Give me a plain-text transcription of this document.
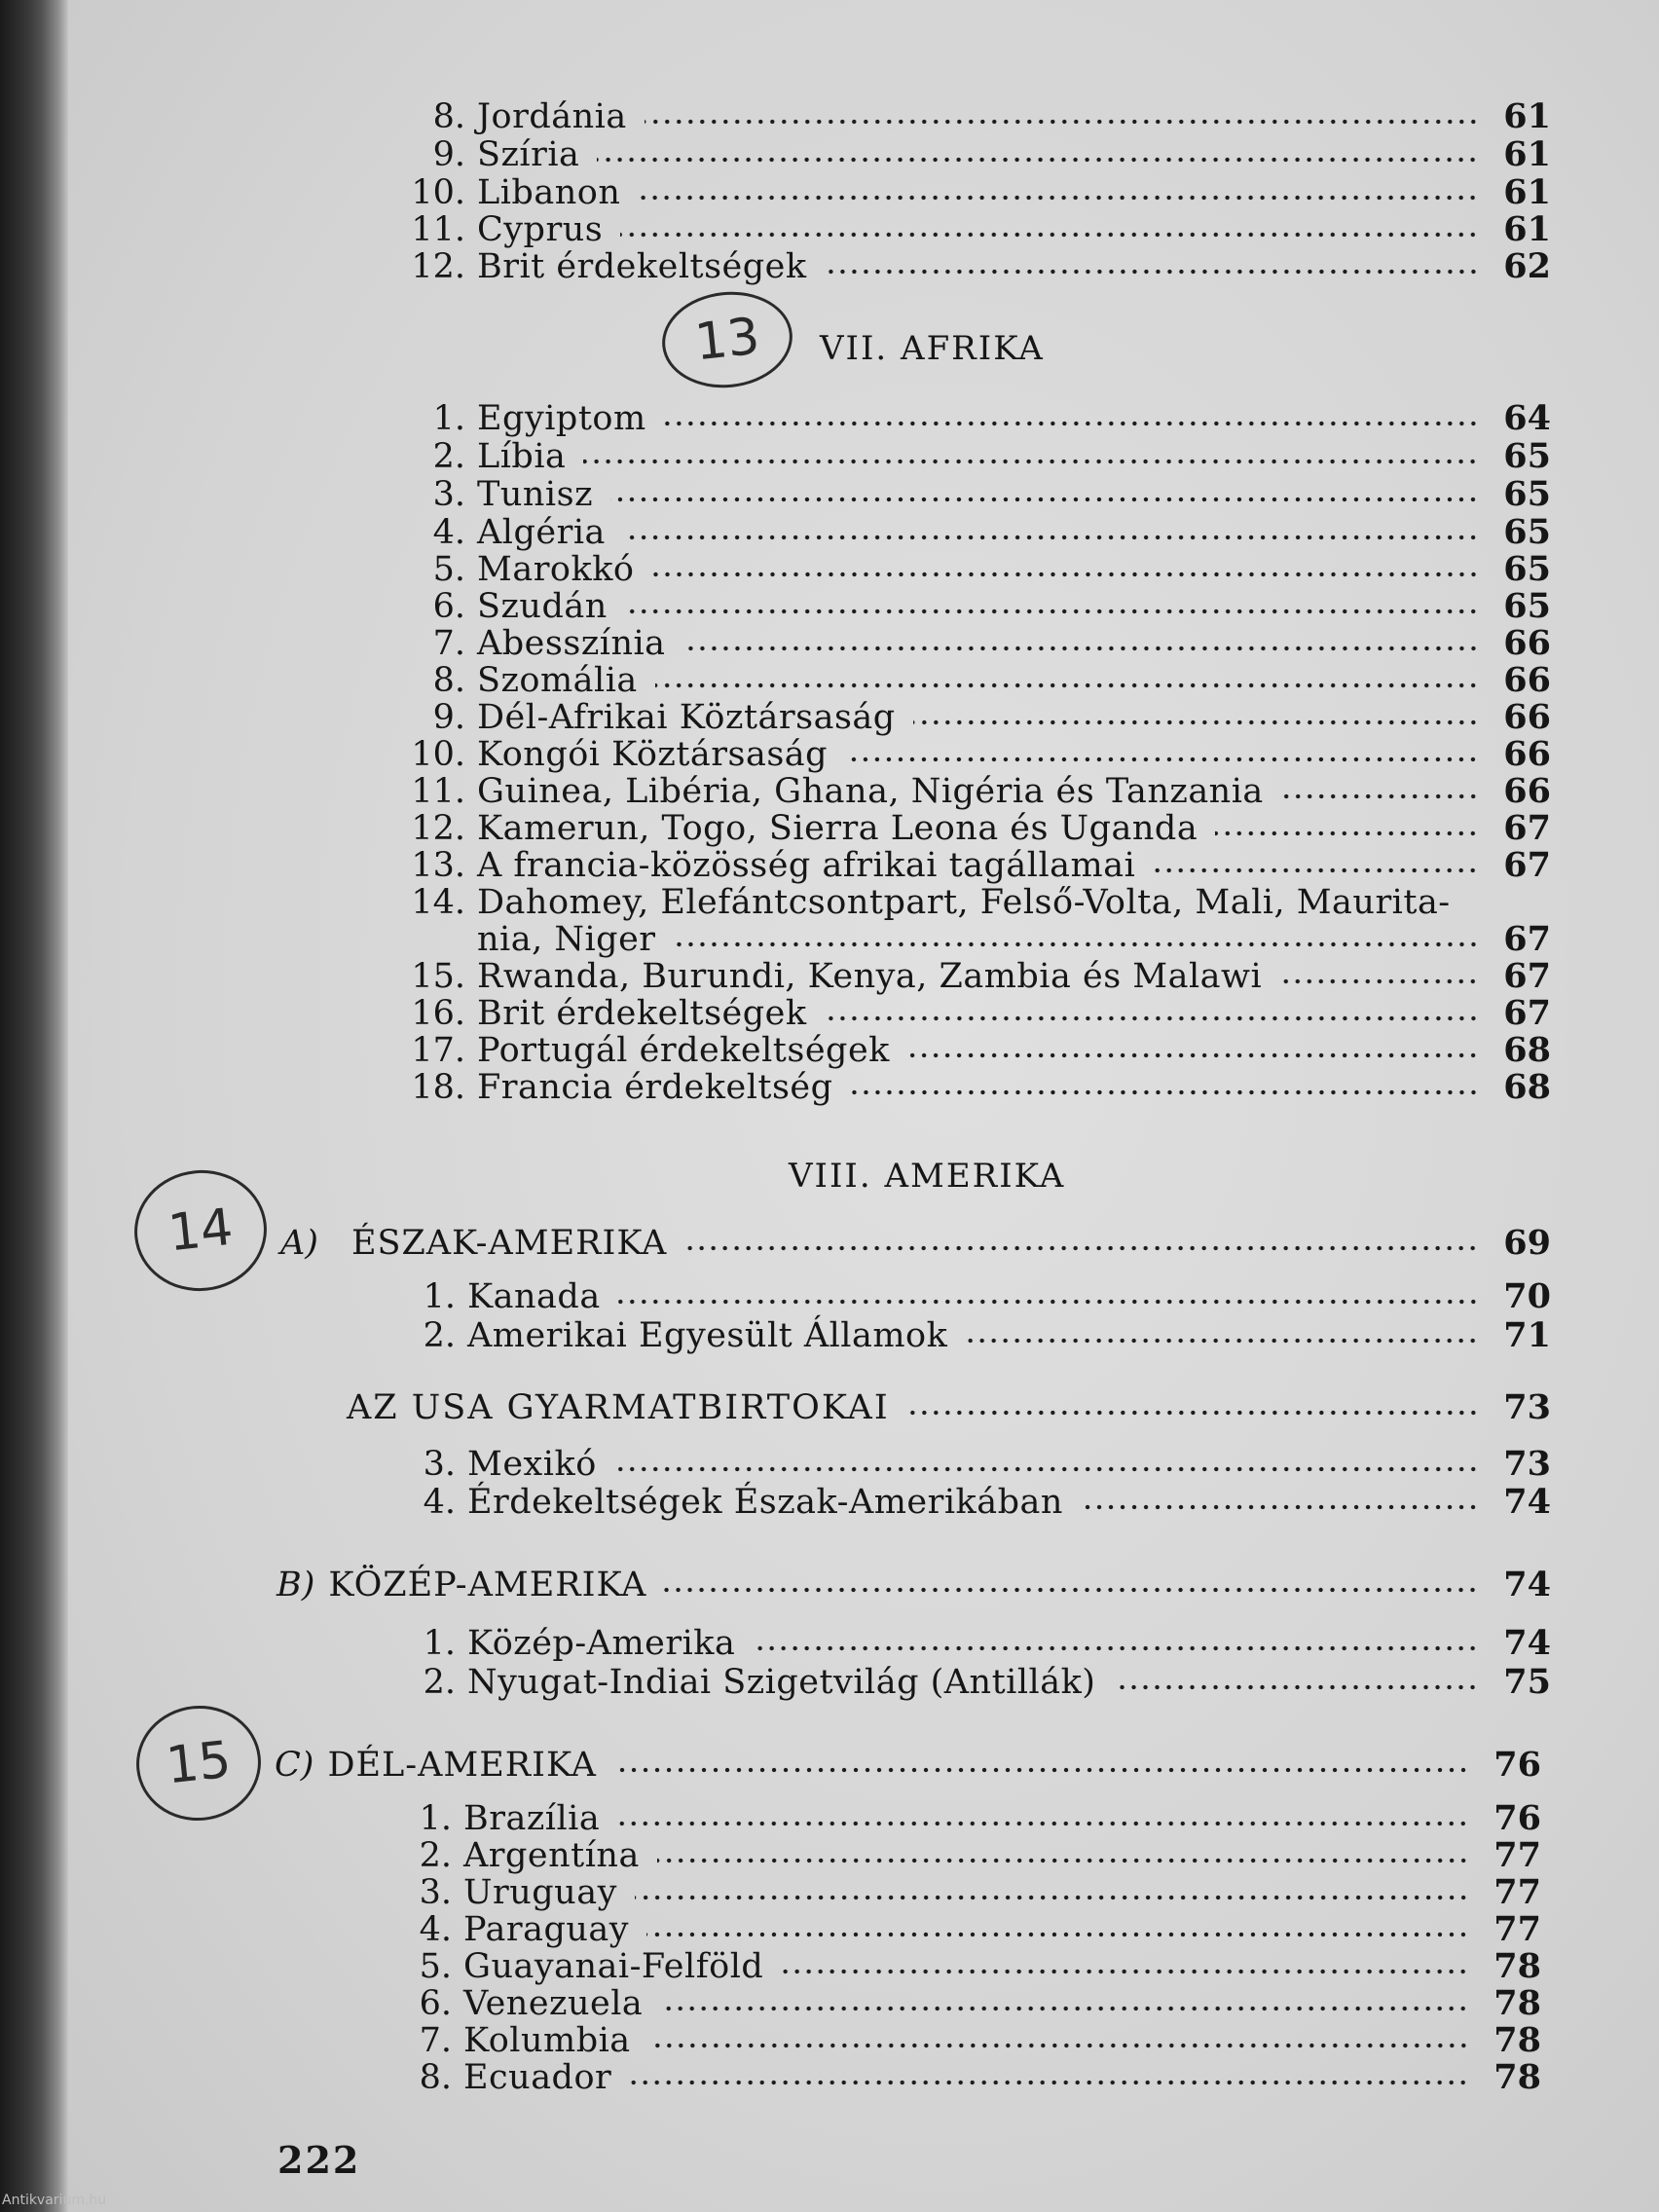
8. Jordánia	61
9. Szíria	61
10. Libanon	61
11. Cyprus	61
12. Brit érdekeltségek	62
13 VII. AFRIKA
1. Egyiptom	64
2. Líbia	65
3. Tunisz	65
4. Algéria	65
5. Marokkó	65
6. Szudán	65
7. Abesszínia	66
8. Szomália	66
9. Dél-Afrikai Köztársaság	66
10. Kongói Köztársaság	66
11. Guinea, Libéria, Ghana, Nigéria és Tanzania	66
12. Kamerun, Togo, Sierra Leona és Uganda	67
13. A francia-közösség afrikai tagállamai	67
14. Dahomey, Elefántcsontpart, Felső-Volta, Mali, Maurita-
nia, Niger	67
15. Rwanda, Burundi, Kenya, Zambia és Malawi	67
16. Brit érdekeltségek	67
17. Portugál érdekeltségek	68
18. Francia érdekeltség	68
VIII. AMERIKA
14 A) ÉSZAK-AMERIKA	69
1. Kanada	70
2. Amerikai Egyesült Államok	71
AZ USA GYARMATBIRTOKAI	73
3. Mexikó	73
4. Érdekeltségek Észak-Amerikában	74
B) KÖZÉP-AMERIKA	74
1. Közép-Amerika	74
2. Nyugat-Indiai Szigetvilág (Antillák)	75
15 C) DÉL-AMERIKA	76
1. Brazília	76
2. Argentína	77
3. Uruguay	77
4. Paraguay	77
5. Guayanai-Felföld	78
6. Venezuela	78
7. Kolumbia	78
8. Ecuador	78
222
Antikvarium.hu
